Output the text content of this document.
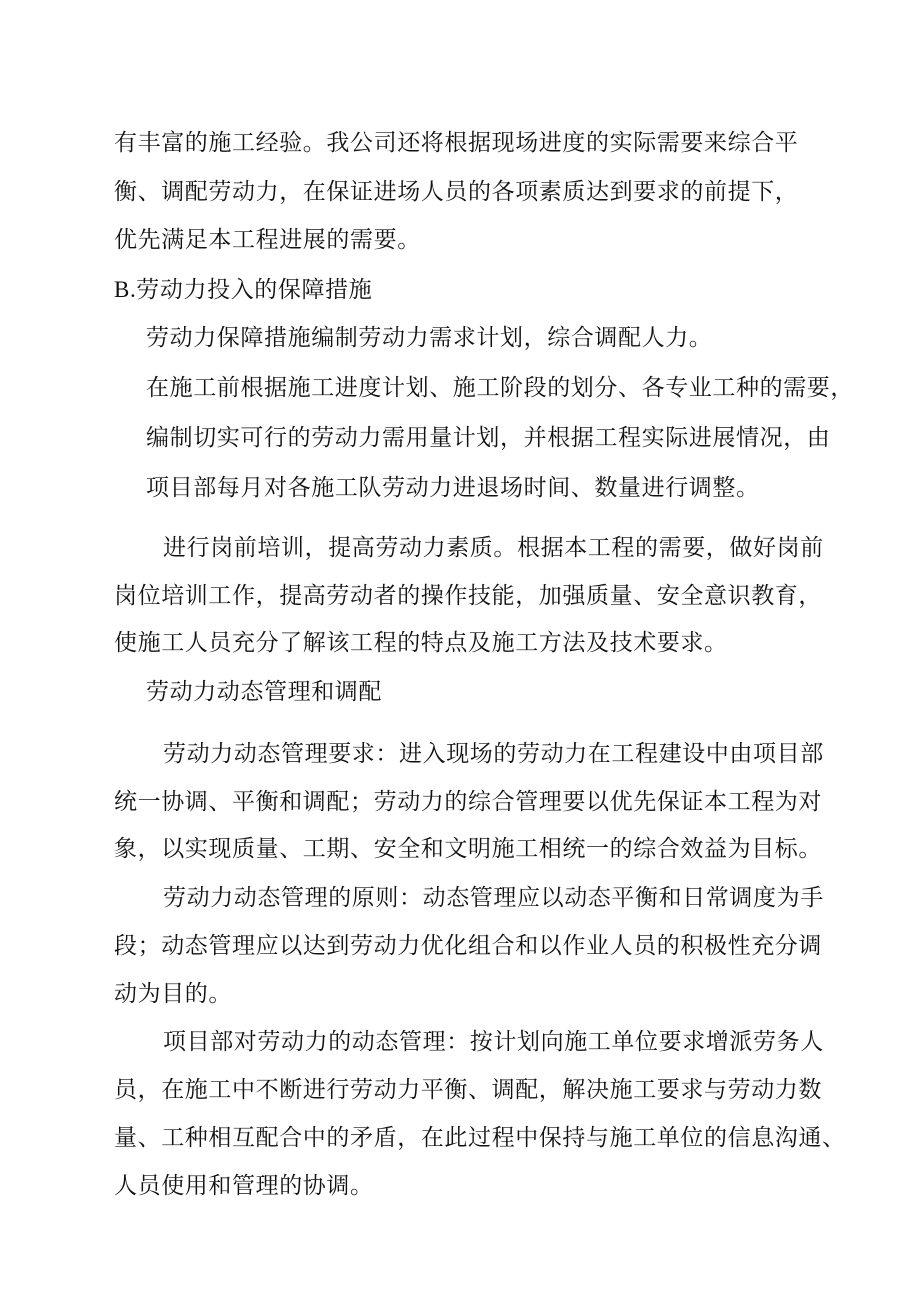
有丰富的施工经验。我公司还将根据现场进度的实际需要来综合平
衡、调配劳动力，在保证进场人员的各项素质达到要求的前提下，
优先满足本工程进展的需要。
B.劳动力投入的保障措施
劳动力保障措施编制劳动力需求计划，综合调配人力。
在施工前根据施工进度计划、施工阶段的划分、各专业工种的需要，
编制切实可行的劳动力需用量计划，并根据工程实际进展情况，由
项目部每月对各施工队劳动力进退场时间、数量进行调整。
进行岗前培训，提高劳动力素质。根据本工程的需要，做好岗前
岗位培训工作，提高劳动者的操作技能，加强质量、安全意识教育，
使施工人员充分了解该工程的特点及施工方法及技术要求。
劳动力动态管理和调配
劳动力动态管理要求：进入现场的劳动力在工程建设中由项目部
统一协调、平衡和调配；劳动力的综合管理要以优先保证本工程为对
象，以实现质量、工期、安全和文明施工相统一的综合效益为目标。
劳动力动态管理的原则：动态管理应以动态平衡和日常调度为手
段；动态管理应以达到劳动力优化组合和以作业人员的积极性充分调
动为目的。
项目部对劳动力的动态管理：按计划向施工单位要求增派劳务人
员，在施工中不断进行劳动力平衡、调配，解决施工要求与劳动力数
量、工种相互配合中的矛盾，在此过程中保持与施工单位的信息沟通、
人员使用和管理的协调。
